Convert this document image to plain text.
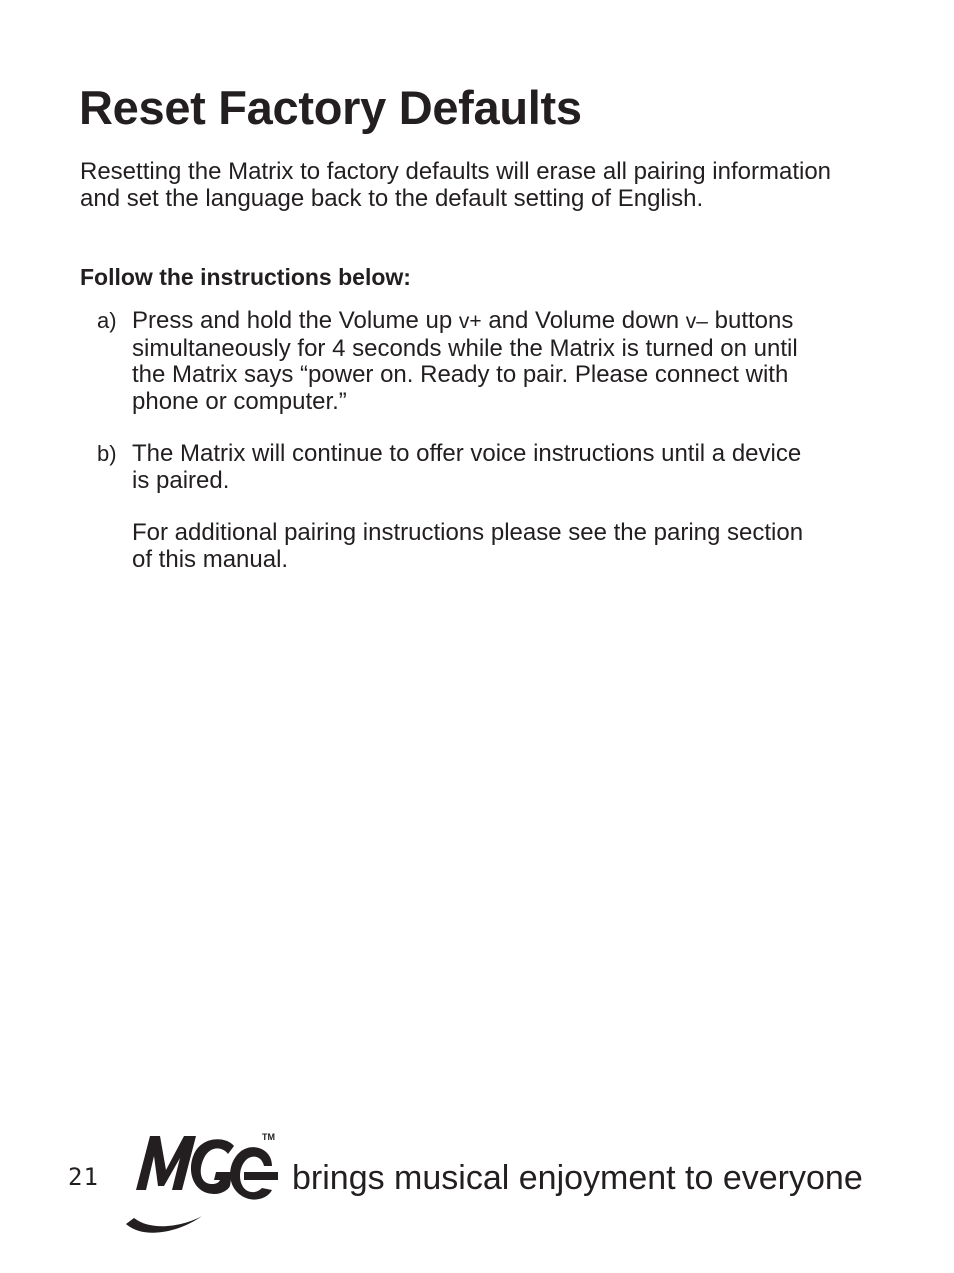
Reset Factory Defaults

Resetting the Matrix to factory defaults will erase all pairing information and set the language back to the default setting of English.

Follow the instructions below:

a) Press and hold the Volume up v+ and Volume down v– buttons simultaneously for 4 seconds while the Matrix is turned on until the Matrix says “power on. Ready to pair. Please connect with phone or computer.”

b) The Matrix will continue to offer voice instructions until a device is paired.

For additional pairing instructions please see the paring section of this manual.

21
TM
brings musical enjoyment to everyone
